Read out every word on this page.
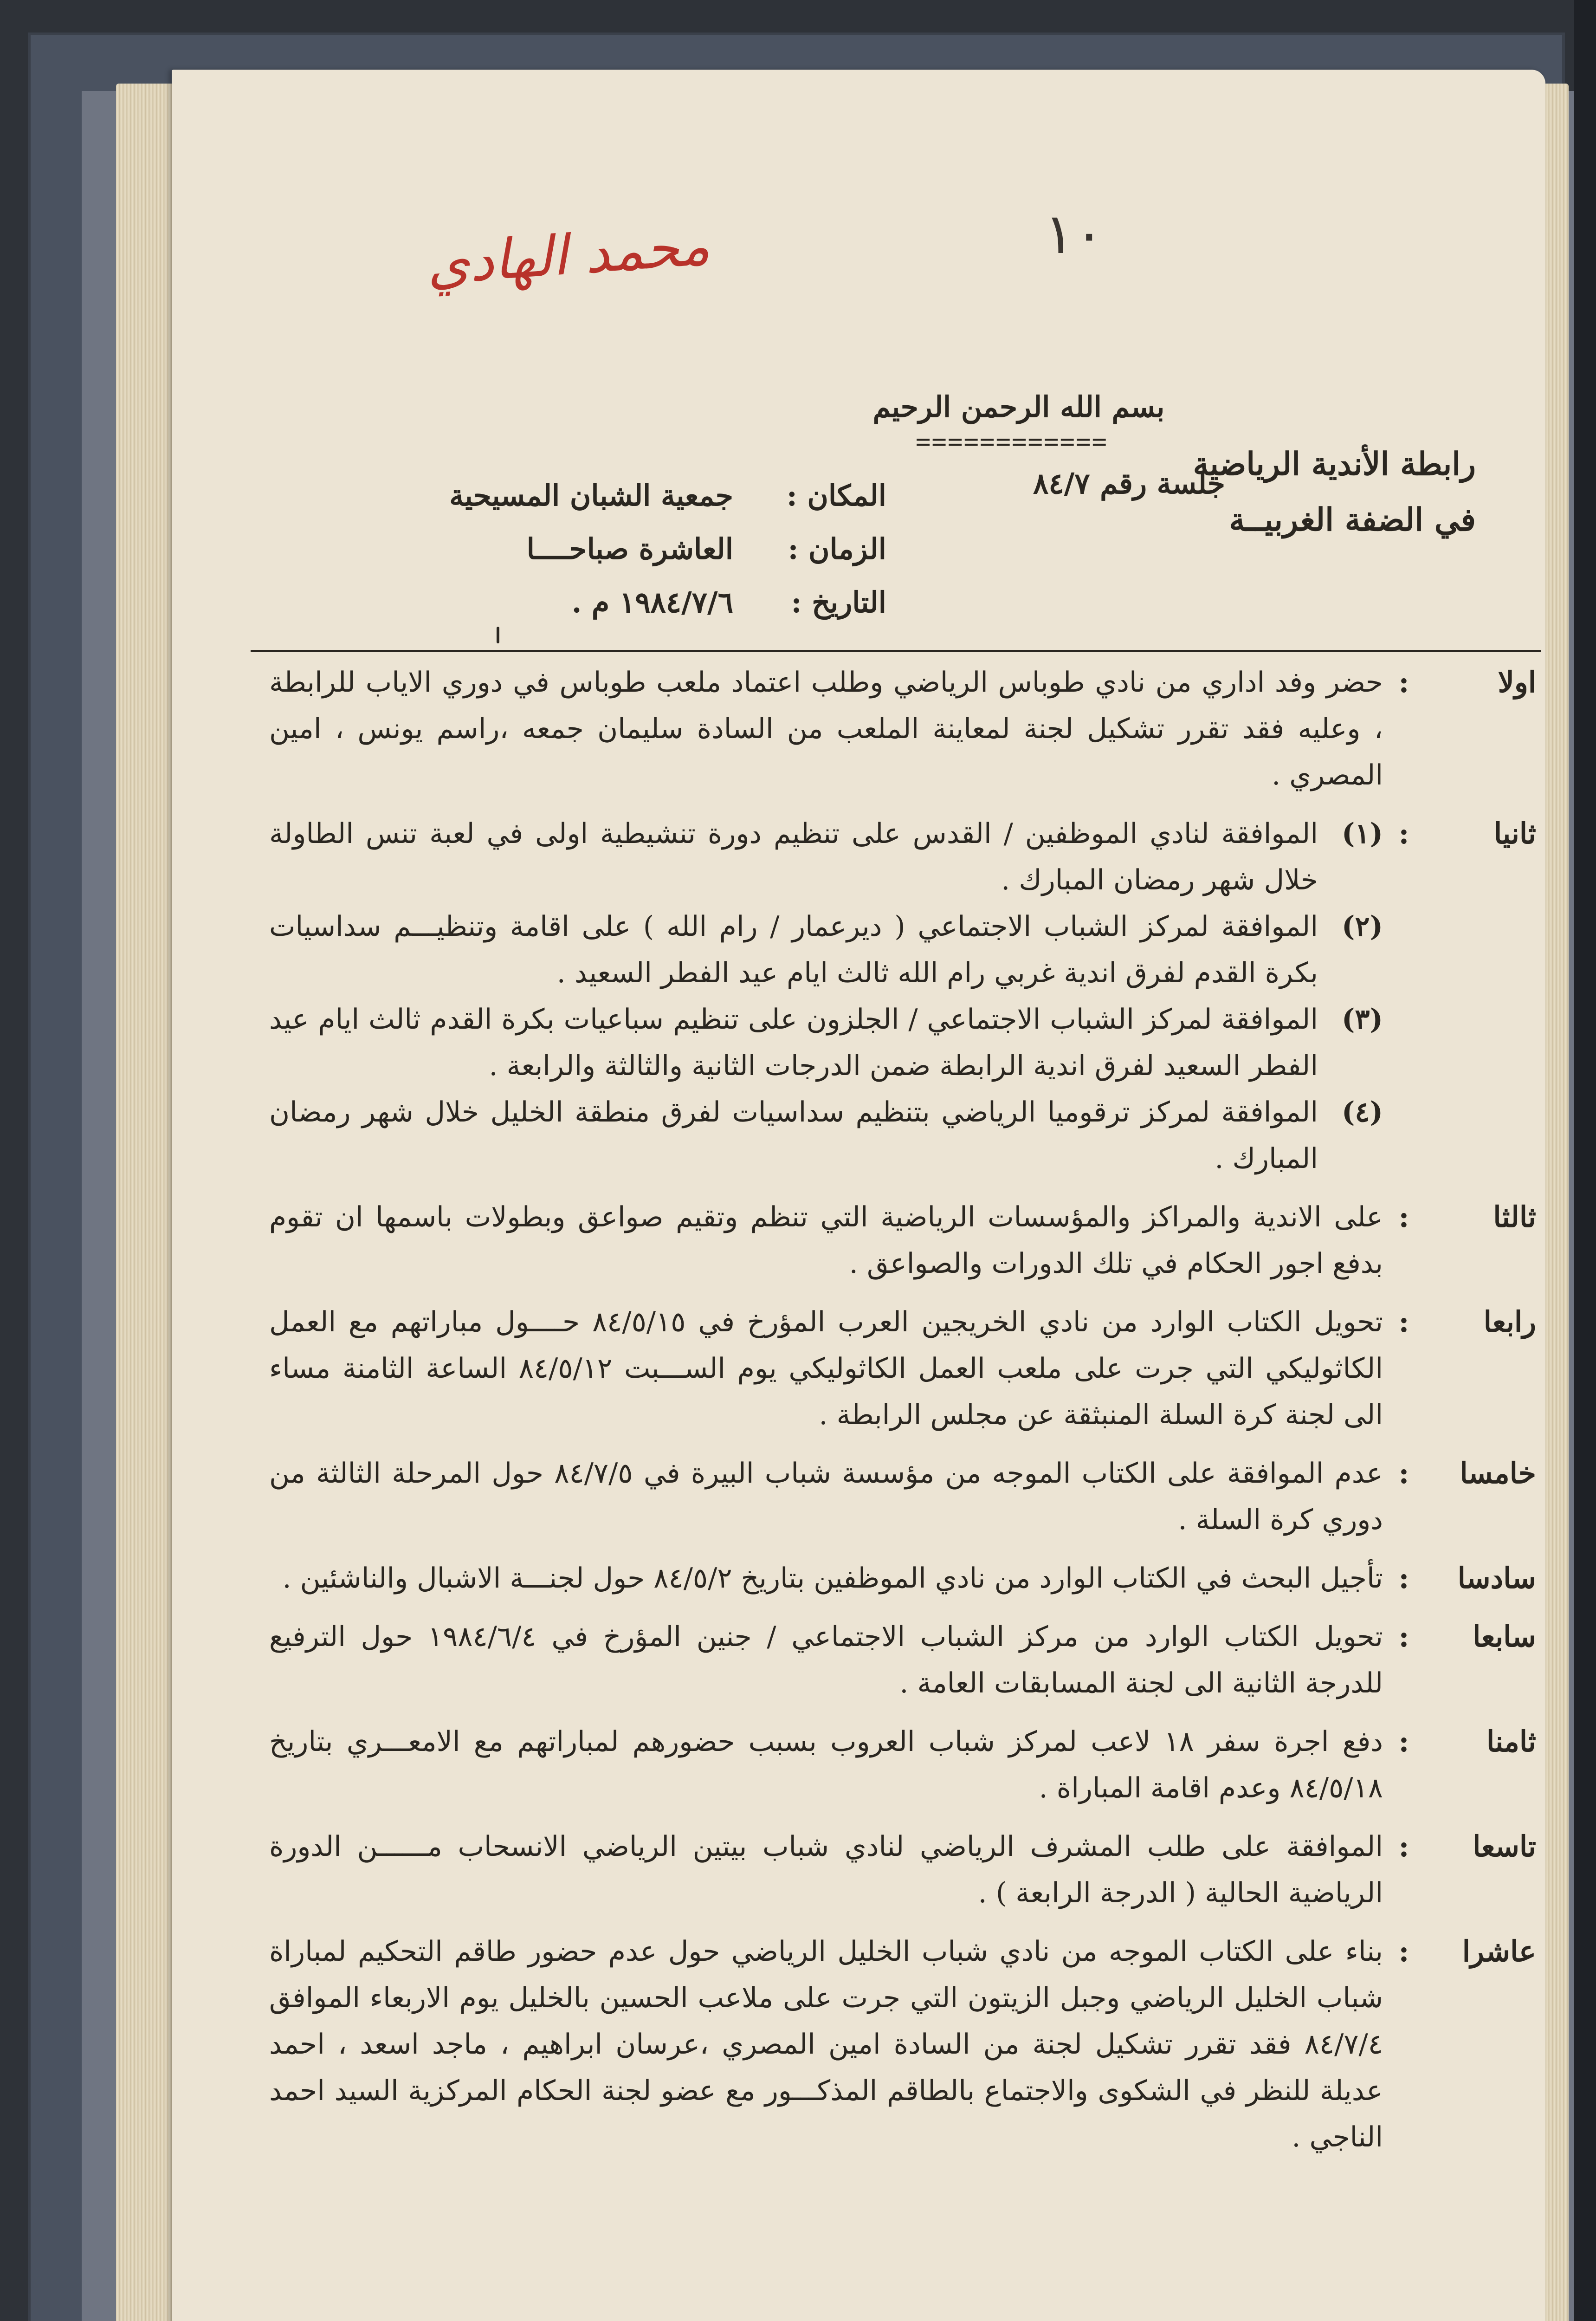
محمد الهادي	١٠
بسم الله الرحمن الرحيم
============
رابطة الأندية الرياضية
في الضفة الغربيــة
جلسة رقم ٨٤/٧
المكان :
جمعية الشبان المسيحية
الزمان :
العاشرة صباحــــا
التاريخ :
١٩٨٤/٧/٦ م .
اولا
:
حضر وفد اداري من نادي طوباس الرياضي وطلب اعتماد ملعب طوباس في دوري الاياب للرابطة ، وعليه فقد تقرر تشكيل لجنة لمعاينة الملعب من السادة سليمان جمعه ،راسم يونس ، امين المصري .
ثانيا
:
(١)
الموافقة لنادي الموظفين / القدس على تنظيم دورة تنشيطية اولى في لعبة تنس الطاولة خلال شهر رمضان المبارك .
(٢)
الموافقة لمركز الشباب الاجتماعي ( ديرعمار / رام الله ) على اقامة وتنظيـــم سداسيات بكرة القدم لفرق اندية غربي رام الله ثالث ايام عيد الفطر السعيد .
(٣)
الموافقة لمركز الشباب الاجتماعي / الجلزون على تنظيم سباعيات بكرة القدم ثالث ايام عيد الفطر السعيد لفرق اندية الرابطة ضمن الدرجات الثانية والثالثة والرابعة .
(٤)
الموافقة لمركز ترقوميا الرياضي بتنظيم سداسيات لفرق منطقة الخليل خلال شهر رمضان المبارك .
ثالثا
:
على الاندية والمراكز والمؤسسات الرياضية التي تنظم وتقيم صواعق وبطولات باسمها ان تقوم بدفع اجور الحكام في تلك الدورات والصواعق .
رابعا
:
تحويل الكتاب الوارد من نادي الخريجين العرب المؤرخ في ٨٤/٥/١٥ حــــول مباراتهم مع العمل الكاثوليكي التي جرت على ملعب العمل الكاثوليكي يوم الســـبت ٨٤/٥/١٢ الساعة الثامنة مساء الى لجنة كرة السلة المنبثقة عن مجلس الرابطة .
خامسا
:
عدم الموافقة على الكتاب الموجه من مؤسسة شباب البيرة في ٨٤/٧/٥ حول المرحلة الثالثة من دوري كرة السلة .
سادسا
:
تأجيل البحث في الكتاب الوارد من نادي الموظفين بتاريخ ٨٤/٥/٢ حول لجنـــة الاشبال والناشئين .
سابعا
:
تحويل الكتاب الوارد من مركز الشباب الاجتماعي / جنين المؤرخ في ١٩٨٤/٦/٤ حول الترفيع للدرجة الثانية الى لجنة المسابقات العامة .
ثامنا
:
دفع اجرة سفر ١٨ لاعب لمركز شباب العروب بسبب حضورهم لمباراتهم مع الامعـــري بتاريخ ٨٤/٥/١٨ وعدم اقامة المباراة .
تاسعا
:
الموافقة على طلب المشرف الرياضي لنادي شباب بيتين الرياضي الانسحاب مــــــن الدورة الرياضية الحالية ( الدرجة الرابعة ) .
عاشرا
:
بناء على الكتاب الموجه من نادي شباب الخليل الرياضي حول عدم حضور طاقم التحكيم لمباراة شباب الخليل الرياضي وجبل الزيتون التي جرت على ملاعب الحسين بالخليل يوم الاربعاء الموافق ٨٤/٧/٤ فقد تقرر تشكيل لجنة من السادة امين المصري ،عرسان ابراهيم ، ماجد اسعد ، احمد عديلة للنظر في الشكوى والاجتماع بالطاقم المذكـــور مع عضو لجنة الحكام المركزية السيد احمد الناجي .
